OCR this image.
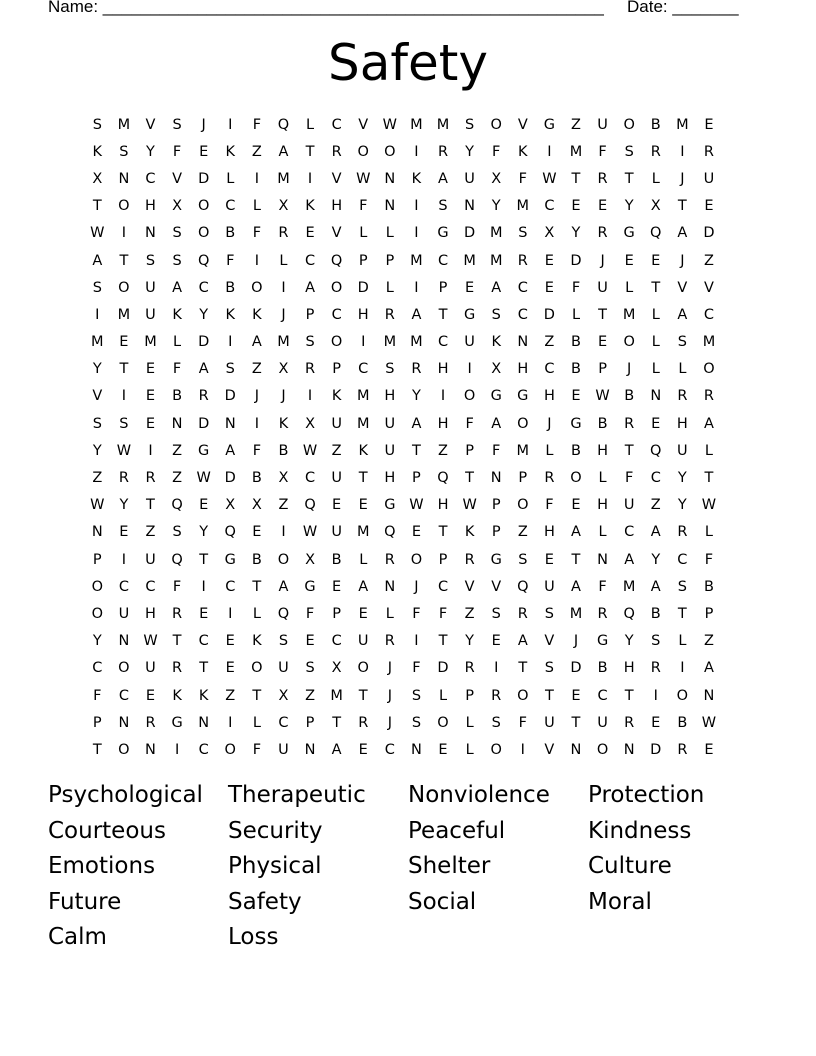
Name: _____________________________________________________ Date: _______
Safety
S	M	V	S	J	I	F	Q	L	C	V W M M	S	O	V	G	Z	U	O	B	M	E
K	S	Y	F	E	K	Z	A	T	R	O	O	I	R	Y	F	K	I	M	F	S	R	I	R
X	N	C	V	D	L	I	M	I	V W N	K	A	U	X	F	W	T	R	T	L	J	U
T	O	H	X	O	C	L	X	K	H	F	N	I	S	N	Y	M	C	E	E	Y	X	T	E
W	I	N	S	O	B	F	R	E	V	L	L	I	G	D	M	S	X	Y	R	G	Q	A	D
A	T	S	S	Q	F	I	L	C	Q	P	P	M	C	M M	R	E	D	J	E	E	J	Z
S	O	U	A	C	B	O	I	A	O	D	L	I	P	E	A	C	E	F	U	L	T	V	V
I	M	U	K	Y	K	K	J	P	C	H	R	A	T	G	S	C	D	L	T	M	L	A	C
M	E	M	L	D	I	A	M	S	O	I	M M	C	U	K	N	Z	B	E	O	L	S	M
Y	T	E	F	A	S	Z	X	R	P	C	S	R	H	I	X	H	C	B	P	J	L	L	O
V	I	E	B	R	D	J	J	I	K	M	H	Y	I	O	G	G	H	E	W B	N	R	R
S	S	E	N	D	N	I	K	X	U	M	U	A	H	F	A	O	J	G	B	R	E	H	A
Y	W	I	Z	G	A	F	B W Z	K	U	T	Z	P	F	M	L	B	H	T	Q	U	L
Z	R	R	Z W D	B	X	C	U	T	H	P	Q	T	N	P	R	O	L	F	C	Y	T
W	Y	T	Q	E	X	X	Z	Q	E	E	G W H W	P	O	F	E	H	U	Z	Y	W
N	E	Z	S	Y	Q	E	I	W U	M	Q	E	T	K	P	Z	H	A	L	C	A	R	L
P	I	U	Q	T	G	B	O	X	B	L	R	O	P	R	G	S	E	T	N	A	Y	C	F
O	C	C	F	I	C	T	A	G	E	A	N	J	C	V	V	Q	U	A	F	M	A	S	B
O	U	H	R	E	I	L	Q	F	P	E	L	F	F	Z	S	R	S	M	R	Q	B	T	P
Y	N W	T	C	E	K	S	E	C	U	R	I	T	Y	E	A	V	J	G	Y	S	L	Z
C	O	U	R	T	E	O	U	S	X	O	J	F	D	R	I	T	S	D	B	H	R	I	A
F	C	E	K	K	Z	T	X	Z	M	T	J	S	L	P	R	O	T	E	C	T	I	O	N
P	N	R	G	N	I	L	C	P	T	R	J	S	O	L	S	F	U	T	U	R	E	B W
T	O	N	I	C	O	F	U	N	A	E	C	N	E	L	O	I	V	N	O	N	D	R	E
Psychological	Therapeutic	Nonviolence	Protection
Courteous	Security	Peaceful	Kindness
Emotions	Physical	Shelter	Culture
Future	Safety	Social	Moral
Calm	Loss
